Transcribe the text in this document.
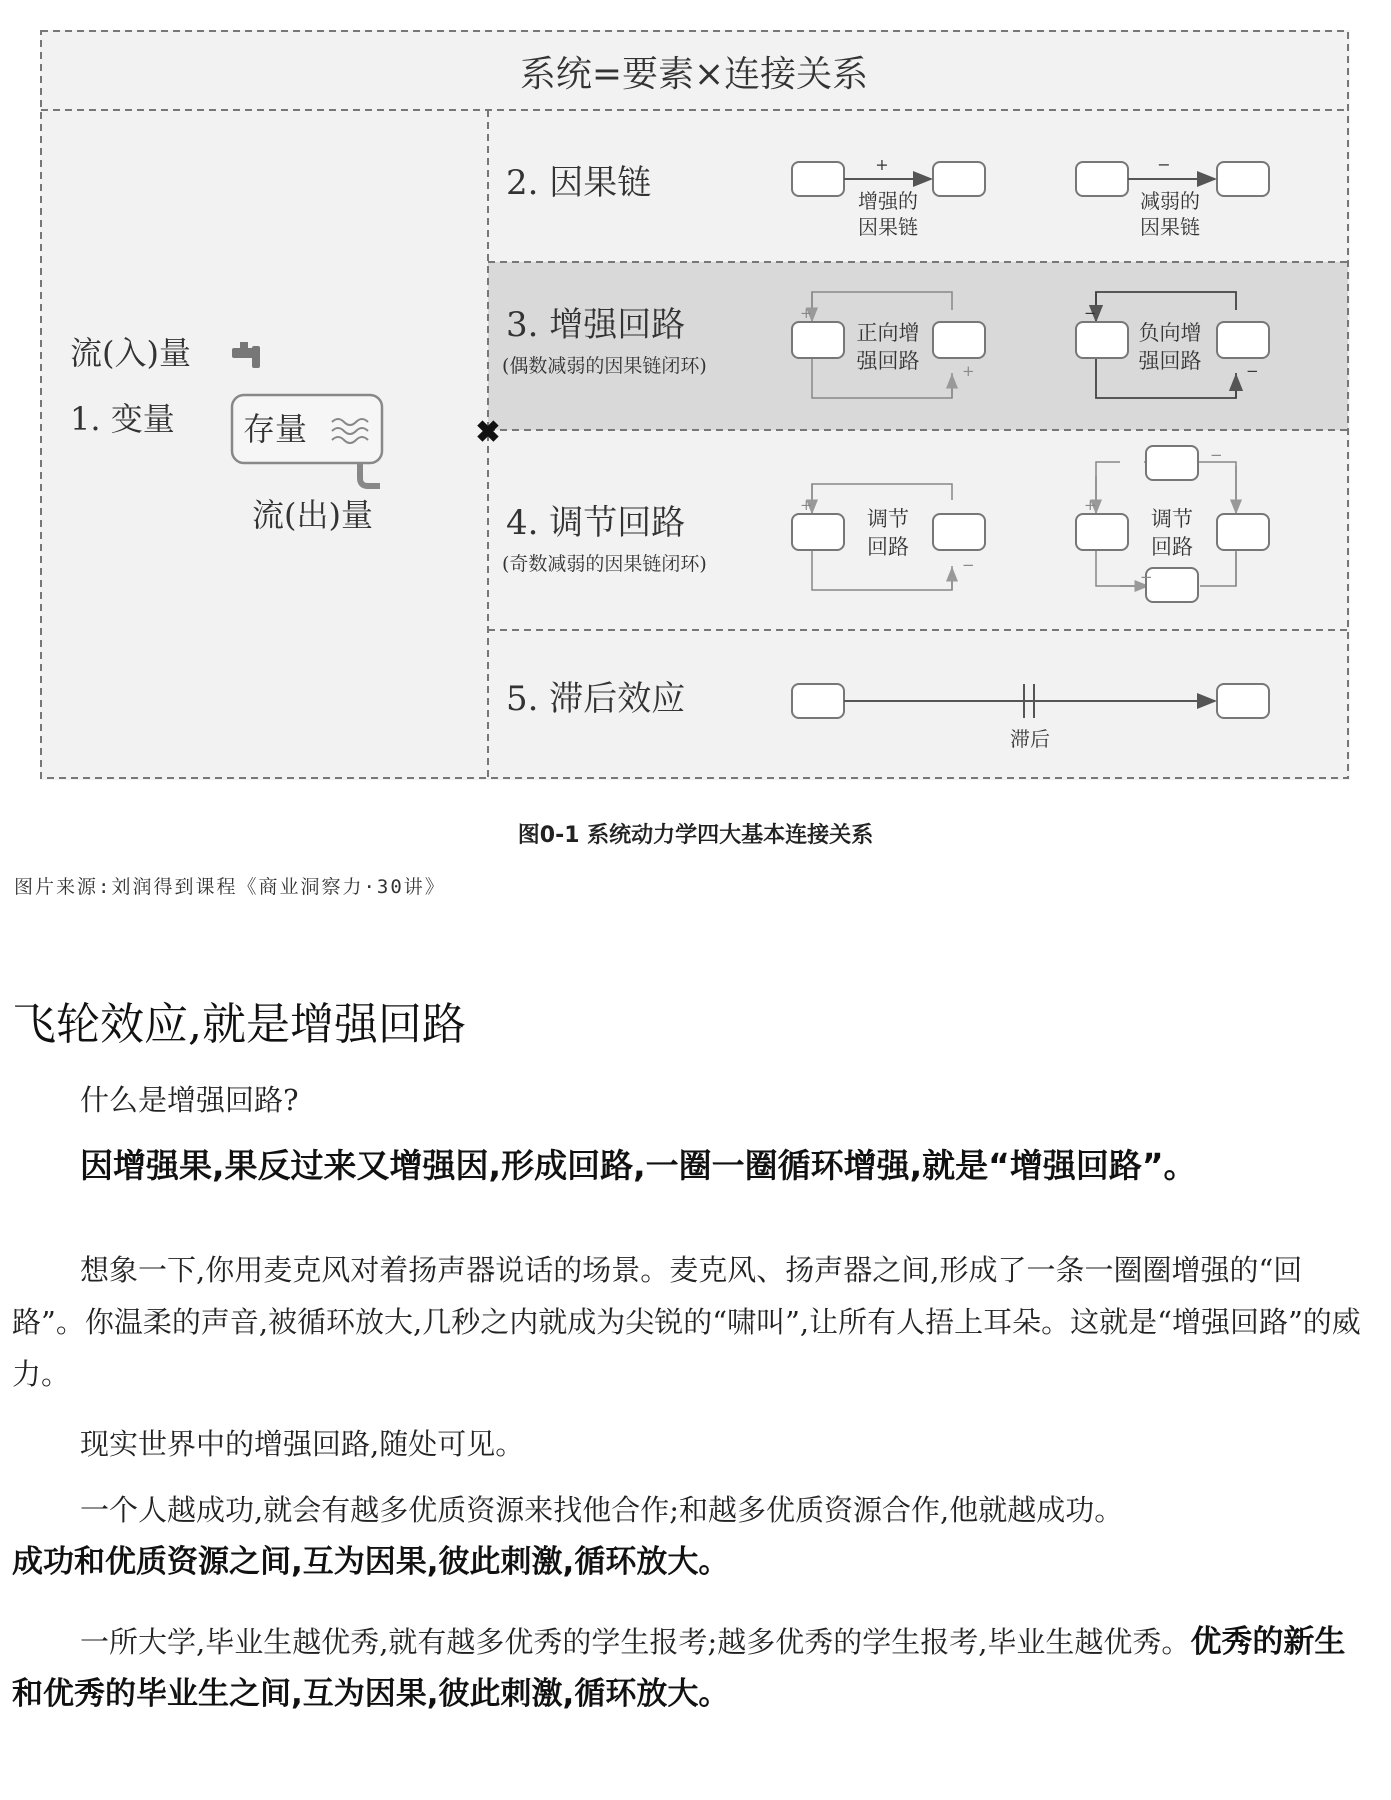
系统=要素×连接关系
流(入)量
1. 变量 存量
流(出)量
✖
2. 因果链	+
增强的
因果链
−
减弱的
因果链
3. 增强回路
(偶数减弱的因果链闭环)
+
+
正向增
强回路
−
−
负向增
强回路
4. 调节回路
(奇数减弱的因果链闭环)
+
−
调节
回路
+
−
−
调节
回路
5. 滞后效应
滞后
图0-1 系统动力学四大基本连接关系
图片来源:刘润得到课程《商业洞察力·30讲》
飞轮效应,就是增强回路
什么是增强回路?
因增强果,果反过来又增强因,形成回路,一圈一圈循环增强,就是“增强回路”。
想象一下,你用麦克风对着扬声器说话的场景。麦克风、扬声器之间,形成了一条一圈圈增强的“回路”。你温柔的声音,被循环放大,几秒之内就成为尖锐的“啸叫”,让所有人捂上耳朵。这就是“增强回路”的威力。
现实世界中的增强回路,随处可见。
一个人越成功,就会有越多优质资源来找他合作;和越多优质资源合作,他就越成功。
成功和优质资源之间,互为因果,彼此刺激,循环放大。
一所大学,毕业生越优秀,就有越多优秀的学生报考;越多优秀的学生报考,毕业生越优秀。优秀的新生和优秀的毕业生之间,互为因果,彼此刺激,循环放大。
